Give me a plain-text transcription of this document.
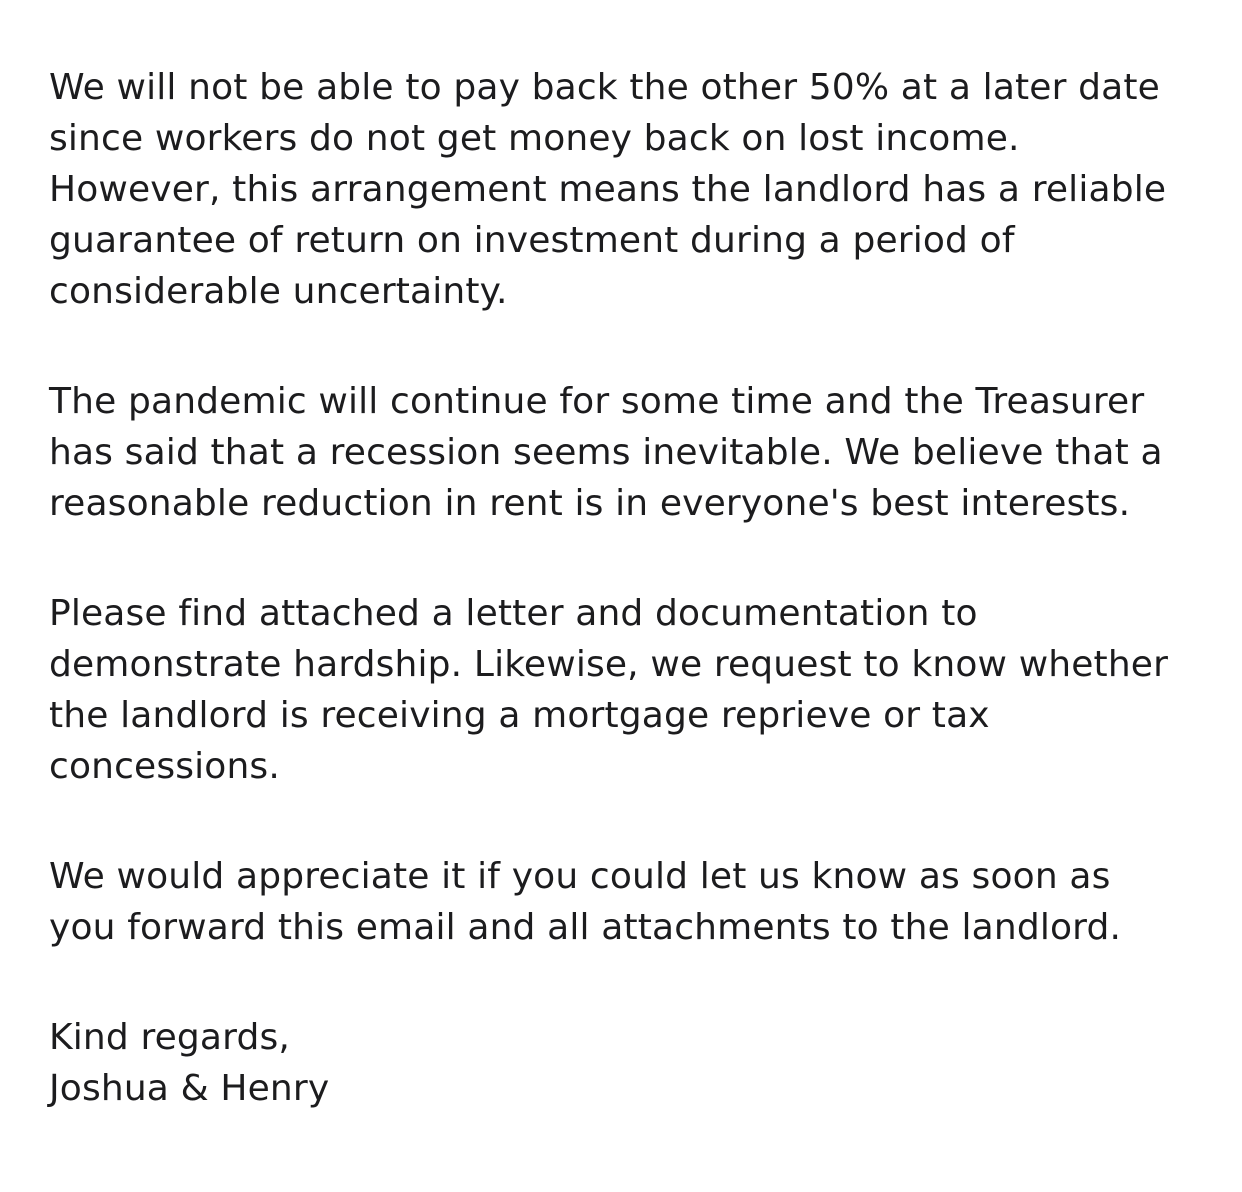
We will not be able to pay back the other 50% at a later date
since workers do not get money back on lost income.
However, this arrangement means the landlord has a reliable
guarantee of return on investment during a period of
considerable uncertainty.

The pandemic will continue for some time and the Treasurer
has said that a recession seems inevitable. We believe that a
reasonable reduction in rent is in everyone's best interests.

Please find attached a letter and documentation to
demonstrate hardship. Likewise, we request to know whether
the landlord is receiving a mortgage reprieve or tax
concessions.

We would appreciate it if you could let us know as soon as
you forward this email and all attachments to the landlord.

Kind regards,
Joshua & Henry
